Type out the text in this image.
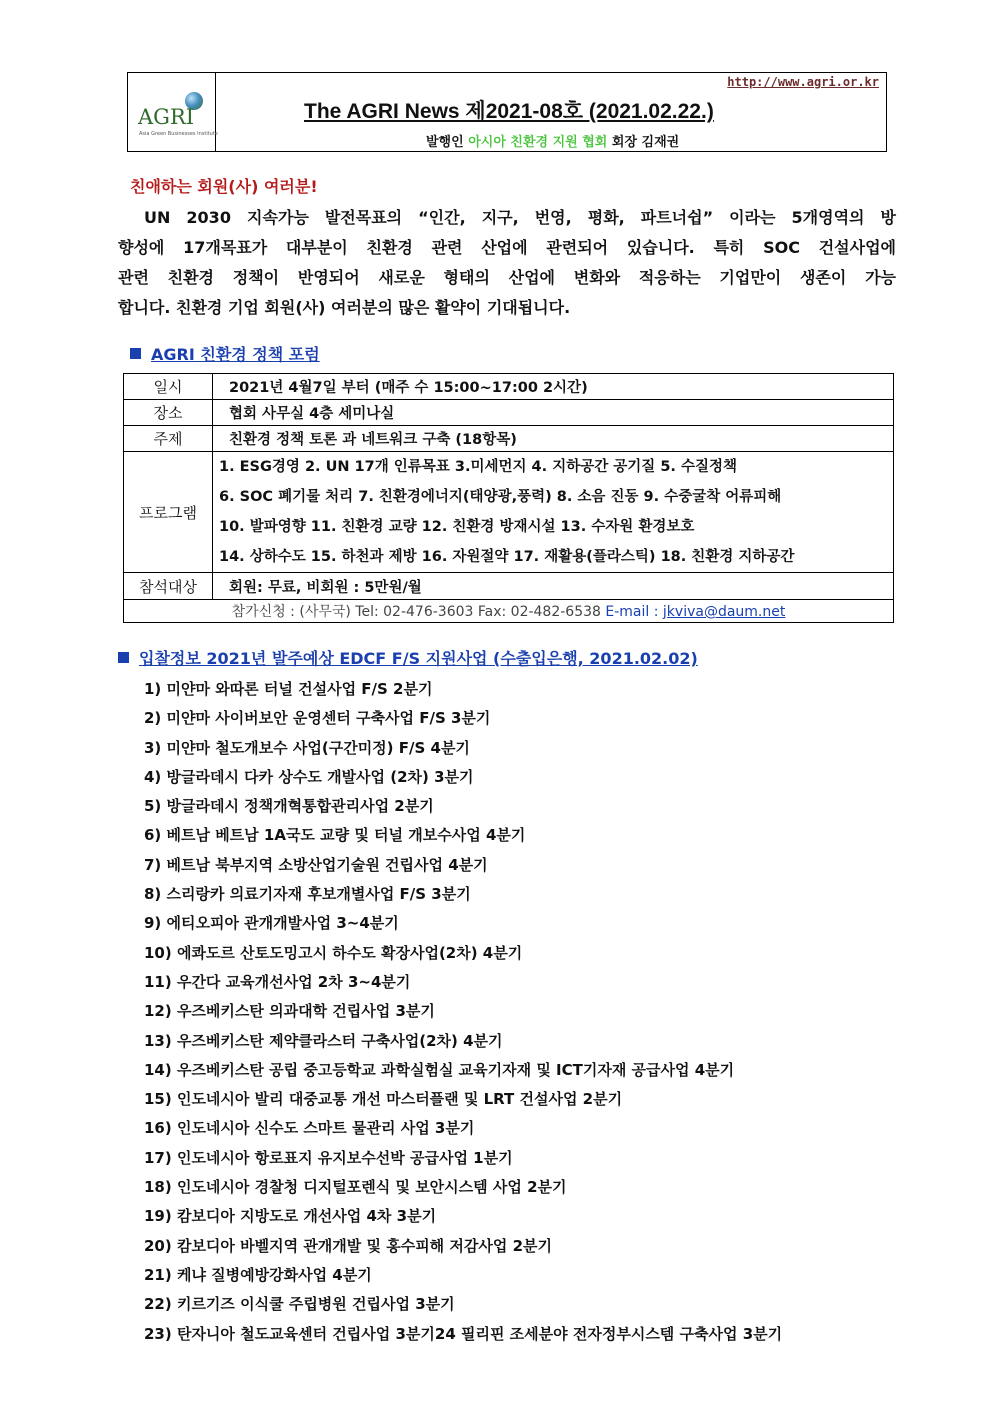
AGRI
Asia Green Businesses Institute
http://www.agri.or.kr
The AGRI News 제2021-08호 (2021.02.22.)
발행인 아시아 친환경 지원 협회 회장 김재권
친애하는 회원(사) 여러분!
UN 2030 지속가능 발전목표의 “인간, 지구, 번영, 평화, 파트너쉽” 이라는 5개영역의 방
향성에 17개목표가 대부분이 친환경 관련 산업에 관련되어 있습니다. 특히 SOC 건설사업에
관련 친환경 정책이 반영되어 새로운 형태의 산업에 변화와 적응하는 기업만이 생존이 가능
합니다. 친환경 기업 회원(사) 여러분의 많은 활약이 기대됩니다.
AGRI 친환경 정책 포럼
일시	2021년 4월7일 부터 (매주 수 15:00~17:00 2시간)
장소	협회 사무실 4층 세미나실
주제	친환경 정책 토론 과 네트워크 구축 (18항목)
프로그램	1. ESG경영 2. UN 17개 인류목표 3.미세먼지 4. 지하공간 공기질 5. 수질정책
6. SOC 폐기물 처리 7. 친환경에너지(태양광,풍력) 8. 소음 진동 9. 수중굴착 어류피해
10. 발파영향 11. 친환경 교량 12. 친환경 방재시설 13. 수자원 환경보호
14. 상하수도 15. 하천과 제방 16. 자원절약 17. 재활용(플라스틱) 18. 친환경 지하공간

참석대상	회원: 무료, 비회원 : 5만원/월
참가신청 : (사무국) Tel: 02-476-3603 Fax: 02-482-6538 E-mail : jkviva@daum.net	
입찰정보 2021년 발주예상 EDCF F/S 지원사업 (수출입은행, 2021.02.02)
1) 미얀마 와따론 터널 건설사업 F/S 2분기
2) 미얀마 사이버보안 운영센터 구축사업 F/S 3분기
3) 미얀마 철도개보수 사업(구간미정) F/S 4분기
4) 방글라데시 다카 상수도 개발사업 (2차) 3분기
5) 방글라데시 정책개혁통합관리사업 2분기
6) 베트남 베트남 1A국도 교량 및 터널 개보수사업 4분기
7) 베트남 북부지역 소방산업기술원 건립사업 4분기
8) 스리랑카 의료기자재 후보개별사업 F/S 3분기
9) 에티오피아 관개개발사업 3~4분기
10) 에콰도르 산토도밍고시 하수도 확장사업(2차) 4분기
11) 우간다 교육개선사업 2차 3~4분기
12) 우즈베키스탄 의과대학 건립사업 3분기
13) 우즈베키스탄 제약클라스터 구축사업(2차) 4분기
14) 우즈베키스탄 공립 중고등학교 과학실험실 교육기자재 및 ICT기자재 공급사업 4분기
15) 인도네시아 발리 대중교통 개선 마스터플랜 및 LRT 건설사업 2분기
16) 인도네시아 신수도 스마트 물관리 사업 3분기
17) 인도네시아 항로표지 유지보수선박 공급사업 1분기
18) 인도네시아 경찰청 디지털포렌식 및 보안시스템 사업 2분기
19) 캄보디아 지방도로 개선사업 4차 3분기
20) 캄보디아 바벨지역 관개개발 및 홍수피해 저감사업 2분기
21) 케냐 질병예방강화사업 4분기
22) 키르기즈 이식쿨 주립병원 건립사업 3분기
23) 탄자니아 철도교육센터 건립사업 3분기24 필리핀 조세분야 전자정부시스템 구축사업 3분기
